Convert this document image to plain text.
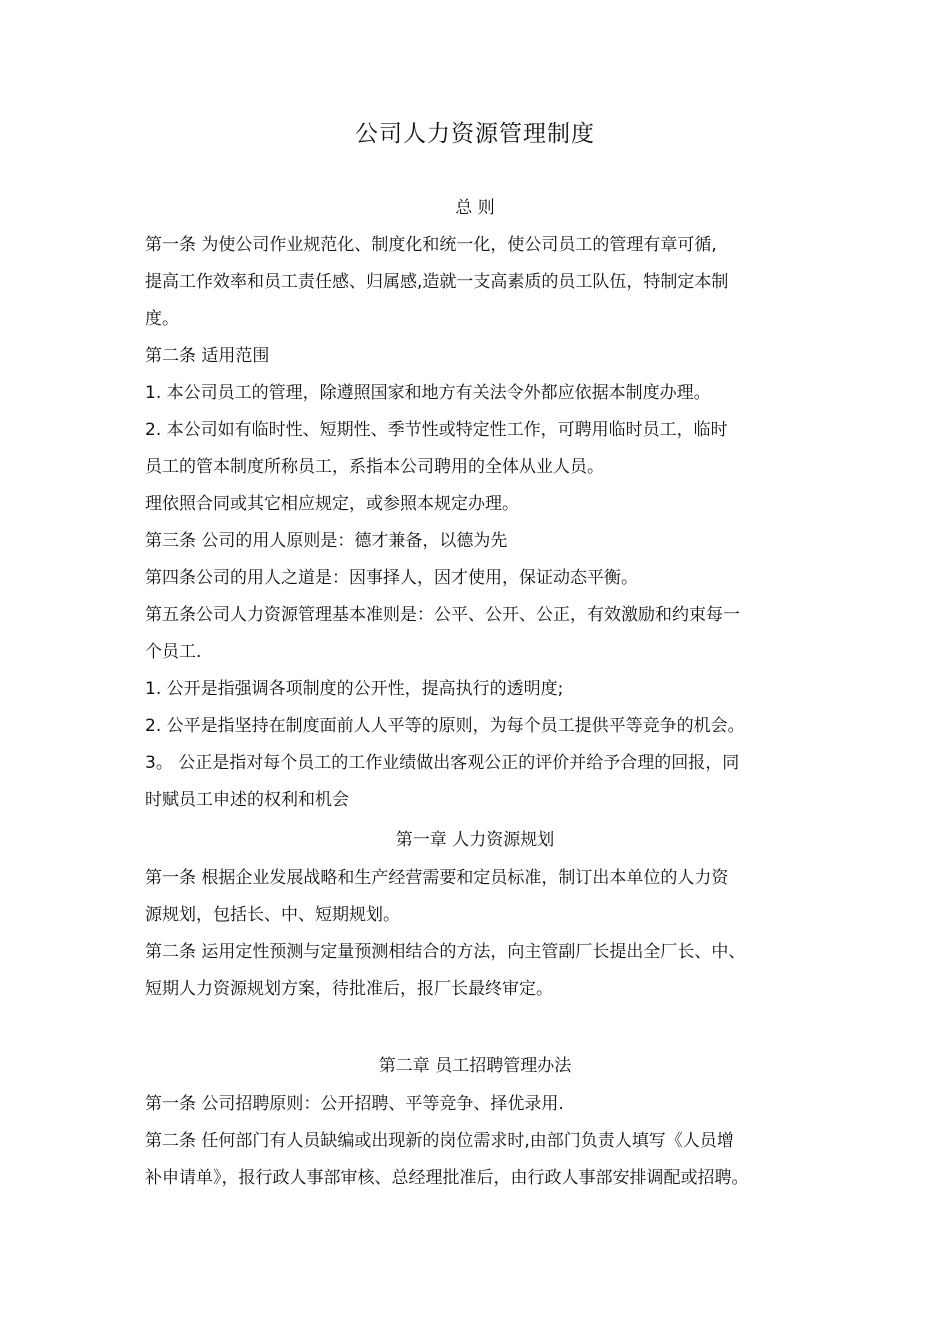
公司人力资源管理制度
总 则
第一条 为使公司作业规范化、制度化和统一化，使公司员工的管理有章可循,
提高工作效率和员工责任感、归属感,造就一支高素质的员工队伍，特制定本制
度。
第二条 适用范围
1. 本公司员工的管理，除遵照国家和地方有关法令外都应依据本制度办理。
2. 本公司如有临时性、短期性、季节性或特定性工作，可聘用临时员工，临时
员工的管本制度所称员工，系指本公司聘用的全体从业人员。
理依照合同或其它相应规定，或参照本规定办理。
第三条 公司的用人原则是：德才兼备，以德为先
第四条公司的用人之道是：因事择人，因才使用，保证动态平衡。
第五条公司人力资源管理基本准则是：公平、公开、公正，有效激励和约束每一
个员工.
1. 公开是指强调各项制度的公开性，提高执行的透明度;
2. 公平是指坚持在制度面前人人平等的原则，为每个员工提供平等竞争的机会。
3。 公正是指对每个员工的工作业绩做出客观公正的评价并给予合理的回报，同
时赋员工申述的权利和机会
第一章 人力资源规划
第一条 根据企业发展战略和生产经营需要和定员标准，制订出本单位的人力资
源规划，包括长、中、短期规划。
第二条 运用定性预测与定量预测相结合的方法，向主管副厂长提出全厂长、中、
短期人力资源规划方案，待批准后，报厂长最终审定。
第二章 员工招聘管理办法
第一条 公司招聘原则：公开招聘、平等竞争、择优录用.
第二条 任何部门有人员缺编或出现新的岗位需求时,由部门负责人填写《人员增
补申请单》，报行政人事部审核、总经理批准后，由行政人事部安排调配或招聘。
